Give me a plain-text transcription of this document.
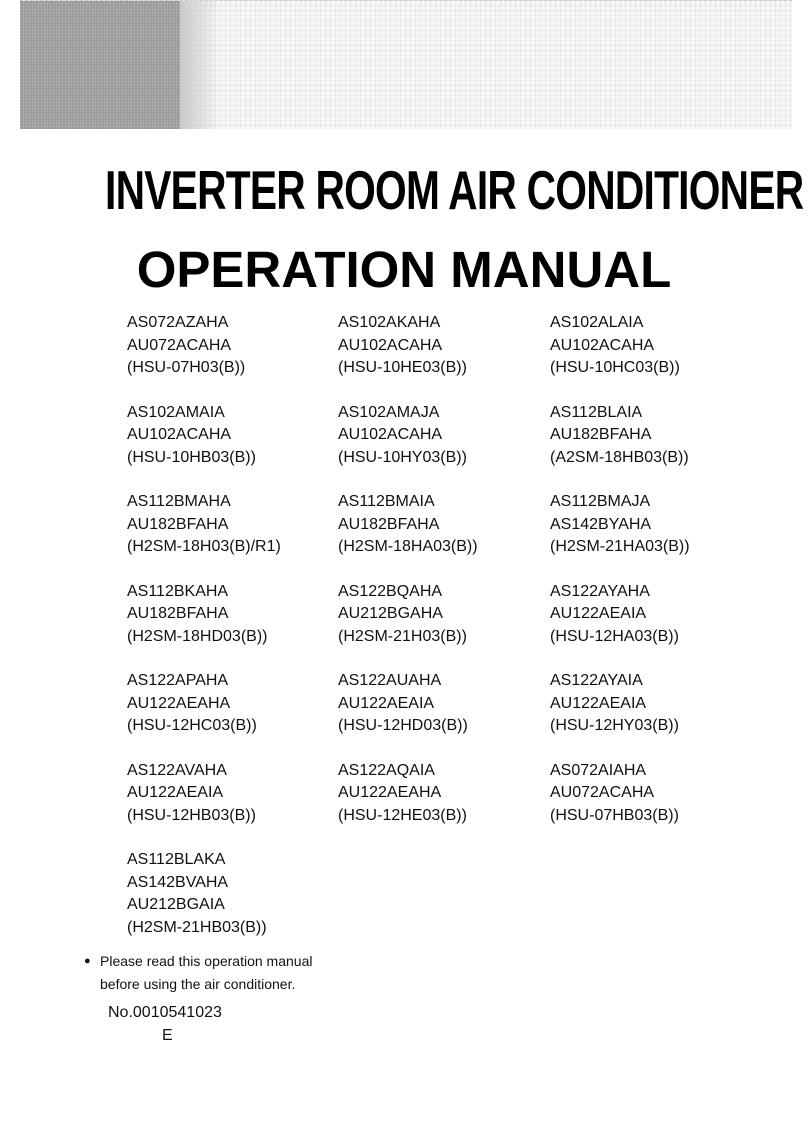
INVERTER ROOM AIR CONDITIONER
OPERATION MANUAL
AS072AZAHA
AU072ACAHA
(HSU-07H03(B))
AS102AKAHA
AU102ACAHA
(HSU-10HE03(B))
AS102ALAIA
AU102ACAHA
(HSU-10HC03(B))
AS102AMAIA
AU102ACAHA
(HSU-10HB03(B))
AS102AMAJA
AU102ACAHA
(HSU-10HY03(B))
AS112BLAIA
AU182BFAHA
(A2SM-18HB03(B))
AS112BMAHA
AU182BFAHA
(H2SM-18H03(B)/R1)
AS112BMAIA
AU182BFAHA
(H2SM-18HA03(B))
AS112BMAJA
AS142BYAHA
(H2SM-21HA03(B))
AS112BKAHA
AU182BFAHA
(H2SM-18HD03(B))
AS122BQAHA
AU212BGAHA
(H2SM-21H03(B))
AS122AYAHA
AU122AEAIA
(HSU-12HA03(B))
AS122APAHA
AU122AEAHA
(HSU-12HC03(B))
AS122AUAHA
AU122AEAIA
(HSU-12HD03(B))
AS122AYAIA
AU122AEAIA
(HSU-12HY03(B))
AS122AVAHA
AU122AEAIA
(HSU-12HB03(B))
AS122AQAIA
AU122AEAHA
(HSU-12HE03(B))
AS072AIAHA
AU072ACAHA
(HSU-07HB03(B))
AS112BLAKA
AS142BVAHA
AU212BGAIA
(H2SM-21HB03(B))
● Please read this operation manual
before using the air conditioner.
No.0010541023
E
